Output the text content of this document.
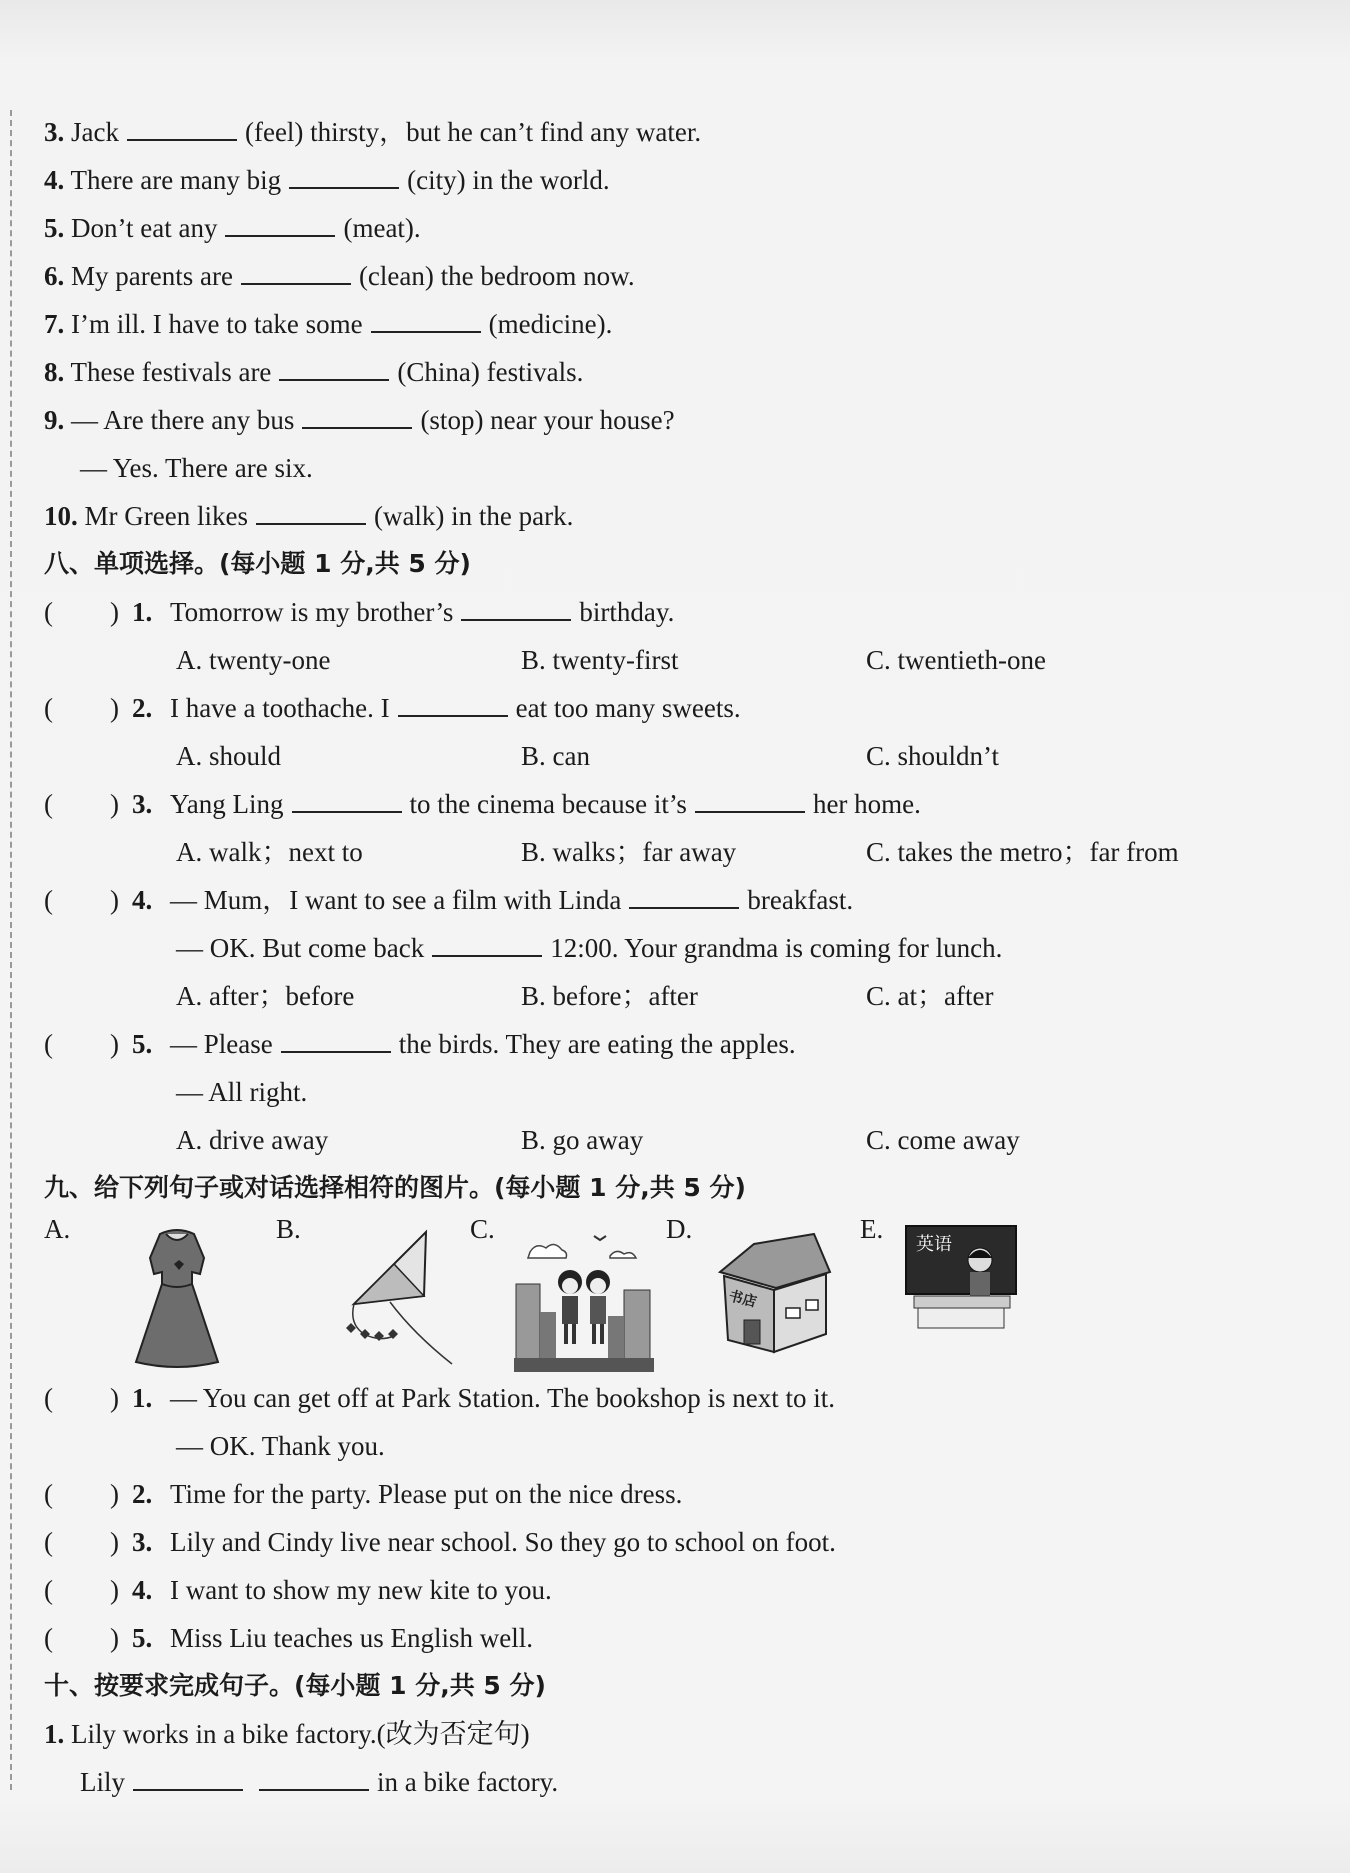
3. Jack	(feel) thirsty，but he can’t find any water.
4. There are many big	(city) in the world.
5. Don’t eat any	(meat).
6. My parents are	(clean) the bedroom now.
7. I’m ill. I have to take some	(medicine).
8. These festivals are	(China) festivals.
9. — Are there any bus	(stop) near your house?
— Yes. There are six.
10. Mr Green likes	(walk) in the park.
八、单项选择。(每小题 1 分,共 5 分)
( ) 1. Tomorrow is my brother’s	birthday.
A. twenty-one	B. twenty-first	C. twentieth-one
( ) 2. I have a toothache. I	eat too many sweets.
A. should	B. can	C. shouldn’t
( ) 3. Yang Ling	to the cinema because it’s	her home.
A. walk；next to	B. walks；far away	C. takes the metro；far from
( ) 4. — Mum，I want to see a film with Linda	breakfast.
— OK. But come back	12:00. Your grandma is coming for lunch.
A. after；before	B. before；after	C. at；after
( ) 5. — Please	the birds. They are eating the apples.
— All right.
A. drive away	B. go away	C. come away
九、给下列句子或对话选择相符的图片。(每小题 1 分,共 5 分)
A.	B.	C.	D.
书店
E.
英语
( ) 1. — You can get off at Park Station. The bookshop is next to it.
— OK. Thank you.
( ) 2. Time for the party. Please put on the nice dress.
( ) 3. Lily and Cindy live near school. So they go to school on foot.
( ) 4. I want to show my new kite to you.
( ) 5. Miss Liu teaches us English well.
十、按要求完成句子。(每小题 1 分,共 5 分)
1. Lily works in a bike factory.(改为否定句)
Lily	in a bike factory.
